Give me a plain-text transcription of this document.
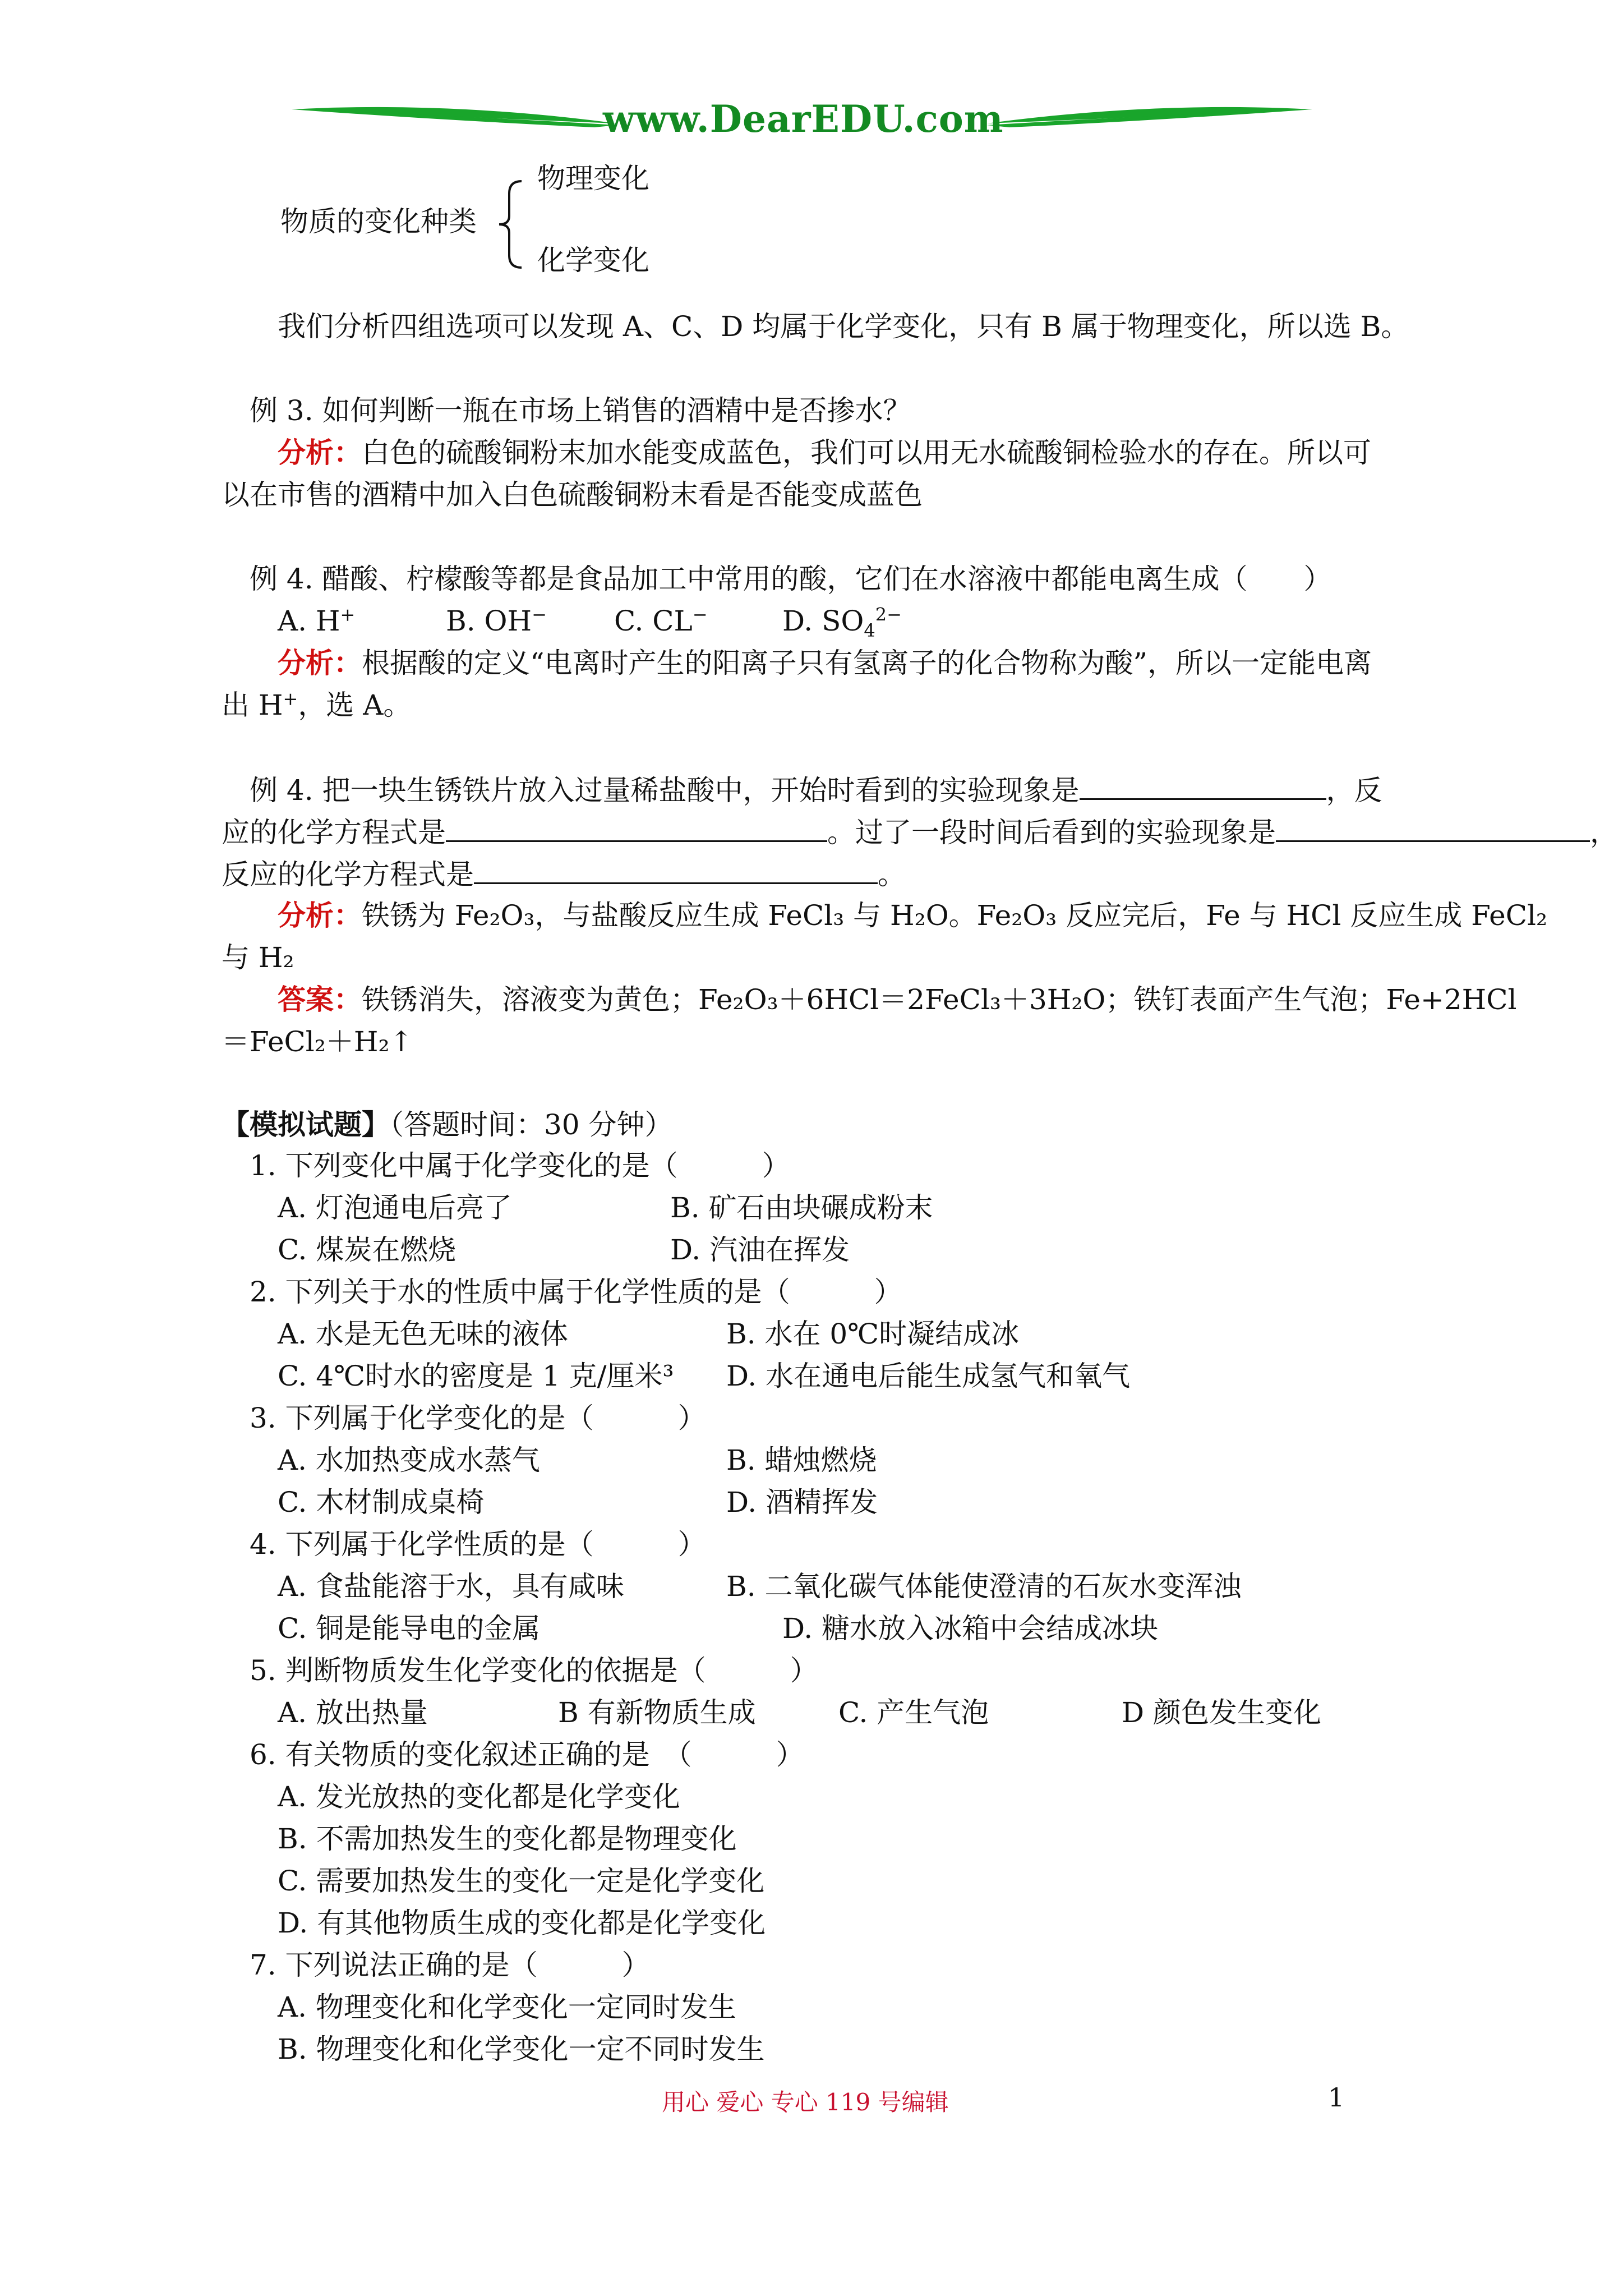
www.DearEDU.com
物质的变化种类
物理变化
化学变化
我们分析四组选项可以发现 A、C、D 均属于化学变化，只有 B 属于物理变化，所以选 B。
例 3. 如何判断一瓶在市场上销售的酒精中是否掺水？
分析：白色的硫酸铜粉末加水能变成蓝色，我们可以用无水硫酸铜检验水的存在。所以可
以在市售的酒精中加入白色硫酸铜粉末看是否能变成蓝色
例 4. 醋酸、柠檬酸等都是食品加工中常用的酸，它们在水溶液中都能电离生成（　　）
A. H+	B. OH− C. CL−	D. $SO_4^{2-}$
分析：根据酸的定义“电离时产生的阳离子只有氢离子的化合物称为酸”，所以一定能电离
出 H+，选 A。
例 4. 把一块生锈铁片放入过量稀盐酸中，开始时看到的实验现象是	，反
应的化学方程式是	。过了一段时间后看到的实验现象是	，
反应的化学方程式是	。
分析：铁锈为 Fe₂O₃，与盐酸反应生成 FeCl₃ 与 H₂O。Fe₂O₃ 反应完后，Fe 与 HCl 反应生成 FeCl₂
与 H₂
答案：铁锈消失，溶液变为黄色；Fe₂O₃＋6HCl＝2FeCl₃＋3H₂O；铁钉表面产生气泡；Fe+2HCl
＝FeCl₂＋H₂↑
【模拟试题】（答题时间：30 分钟）
1. 下列变化中属于化学变化的是（　　　）
A. 灯泡通电后亮了	B. 矿石由块碾成粉末
C. 煤炭在燃烧	D. 汽油在挥发
2. 下列关于水的性质中属于化学性质的是（　　　）
A. 水是无色无味的液体	B. 水在 0℃时凝结成冰
C. 4℃时水的密度是 1 克/厘米³ D. 水在通电后能生成氢气和氧气
3. 下列属于化学变化的是（　　　）
A. 水加热变成水蒸气	B. 蜡烛燃烧
C. 木材制成桌椅	D. 酒精挥发
4. 下列属于化学性质的是（　　　）
A. 食盐能溶于水，具有咸味	B. 二氧化碳气体能使澄清的石灰水变浑浊
C. 铜是能导电的金属	D. 糖水放入冰箱中会结成冰块
5. 判断物质发生化学变化的依据是（　　　）
A. 放出热量	B 有新物质生成	C. 产生气泡	D 颜色发生变化
6. 有关物质的变化叙述正确的是　（　　　）
A. 发光放热的变化都是化学变化
B. 不需加热发生的变化都是物理变化
C. 需要加热发生的变化一定是化学变化
D. 有其他物质生成的变化都是化学变化
7. 下列说法正确的是（　　　）
A. 物理变化和化学变化一定同时发生
B. 物理变化和化学变化一定不同时发生
用心 爱心 专心 119 号编辑	1
